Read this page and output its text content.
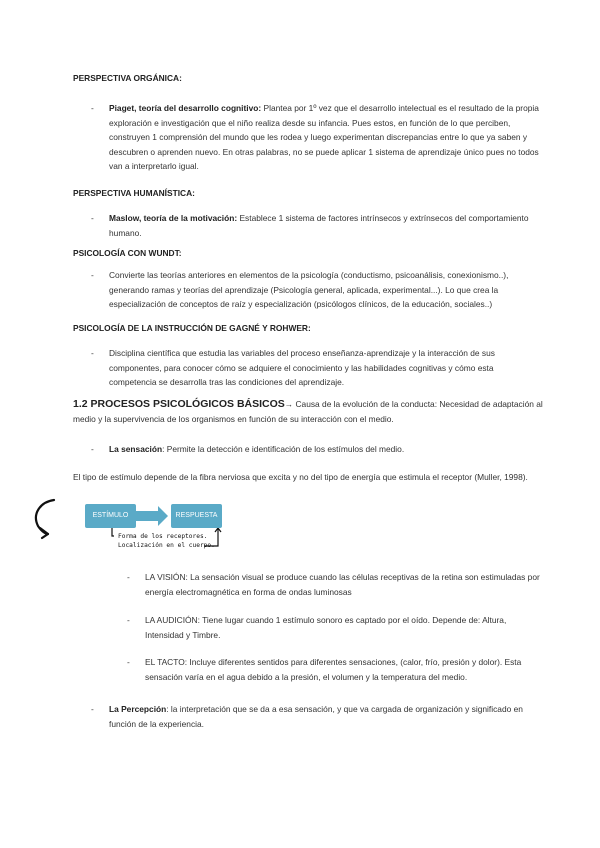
PERSPECTIVA ORGÁNICA:
-	Piaget, teoría del desarrollo cognitivo: Plantea por 1º vez que el desarrollo intelectual es el resultado de la propia exploración e investigación que el niño realiza desde su infancia. Pues estos, en función de lo que perciben, construyen 1 comprensión del mundo que les rodea y luego experimentan discrepancias entre lo que ya saben y descubren o aprenden nuevo. En otras palabras, no se puede aplicar 1 sistema de aprendizaje único pues no todos van a interpretarlo igual.
PERSPECTIVA HUMANÍSTICA:
-	Maslow, teoría de la motivación: Establece 1 sistema de factores intrínsecos y extrínsecos del comportamiento humano.
PSICOLOGÍA CON WUNDT:
-	Convierte las teorías anteriores en elementos de la psicología (conductismo, psicoanálisis, conexionismo..), generando ramas y teorías del aprendizaje (Psicología general, aplicada, experimental...). Lo que crea la especialización de conceptos de raíz y especialización (psicólogos clínicos, de la educación, sociales..)
PSICOLOGÍA DE LA INSTRUCCIÓN DE GAGNÉ Y ROHWER:
-	Disciplina científica que estudia las variables del proceso enseñanza-aprendizaje y la interacción de sus componentes, para conocer cómo se adquiere el conocimiento y las habilidades cognitivas y cómo esta competencia se desarrolla tras las condiciones del aprendizaje.
1.2 PROCESOS PSICOLÓGICOS BÁSICOS→ Causa de la evolución de la conducta: Necesidad de adaptación al medio y la supervivencia de los organismos en función de su interacción con el medio.
-	La sensación: Permite la detección e identificación de los estímulos del medio.
El tipo de estímulo depende de la fibra nerviosa que excita y no del tipo de energía que estimula el receptor (Muller, 1998).
ESTÍMULO	RESPUESTA
Forma de los receptores.
Localización en el cuerpo.
-	LA VISIÓN: La sensación visual se produce cuando las células receptivas de la retina son estimuladas por energía electromagnética en forma de ondas luminosas
-	LA AUDICIÓN: Tiene lugar cuando 1 estímulo sonoro es captado por el oído. Depende de: Altura, Intensidad y Timbre.
-	EL TACTO: Incluye diferentes sentidos para diferentes sensaciones, (calor, frío, presión y dolor). Esta sensación varía en el agua debido a la presión, el volumen y la temperatura del medio.
-	La Percepción: la interpretación que se da a esa sensación, y que va cargada de organización y significado en función de la experiencia.
